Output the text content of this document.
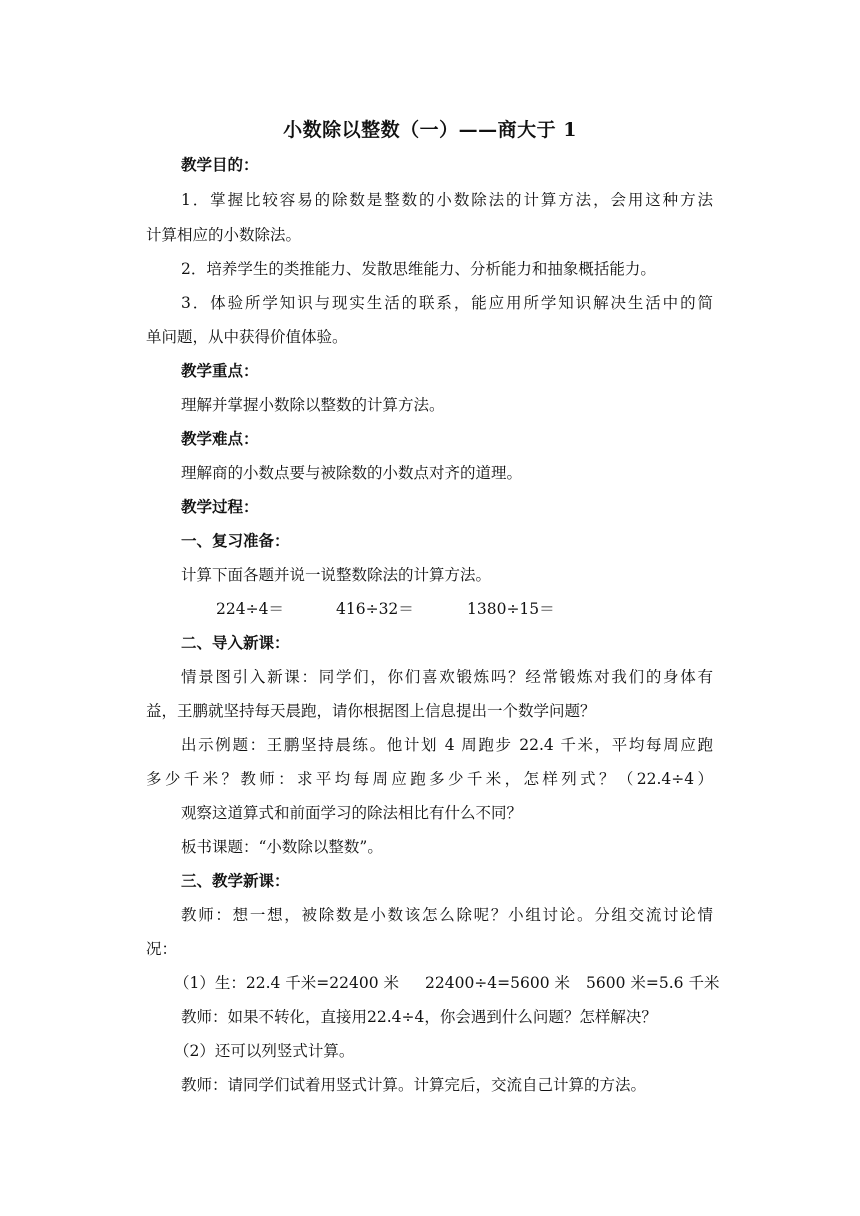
小数除以整数（一）——商大于 1
教学目的：
1．掌握比较容易的除数是整数的小数除法的计算方法，会用这种方法
计算相应的小数除法。
2．培养学生的类推能力、发散思维能力、分析能力和抽象概括能力。
3．体验所学知识与现实生活的联系，能应用所学知识解决生活中的简
单问题，从中获得价值体验。
教学重点：
理解并掌握小数除以整数的计算方法。
教学难点：
理解商的小数点要与被除数的小数点对齐的道理。
教学过程：
一、复习准备：
计算下面各题并说一说整数除法的计算方法。
224÷4＝	416÷32＝	1380÷15＝
二、导入新课：
情景图引入新课：同学们，你们喜欢锻炼吗？经常锻炼对我们的身体有
益，王鹏就坚持每天晨跑，请你根据图上信息提出一个数学问题？
出示例题：王鹏坚持晨练。他计划 4 周跑步 22.4 千米，平均每周应跑
多少千米？教师：求平均每周应跑多少千米，怎样列式？（22.4÷4）
观察这道算式和前面学习的除法相比有什么不同？
板书课题：“小数除以整数”。
三、教学新课：
教师：想一想，被除数是小数该怎么除呢？小组讨论。分组交流讨论情
况：
（1）生：22.4 千米=22400 米 22400÷4=5600 米 5600 米=5.6 千米
教师：如果不转化，直接用22.4÷4，你会遇到什么问题？怎样解决？
（2）还可以列竖式计算。
教师：请同学们试着用竖式计算。计算完后，交流自己计算的方法。
